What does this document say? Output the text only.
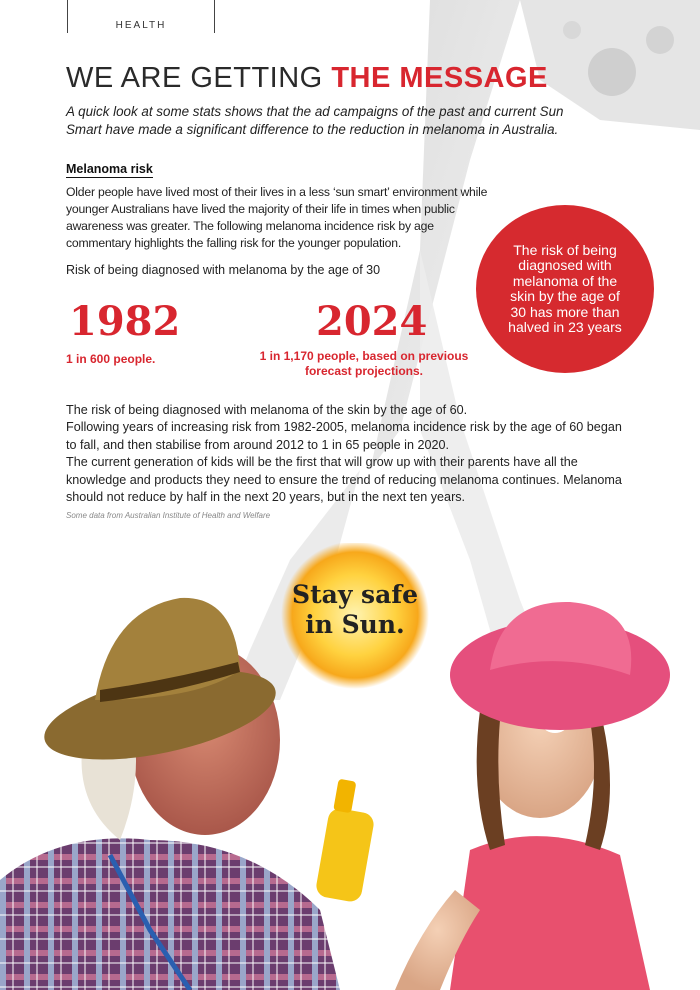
HEALTH
WE ARE GETTING THE MESSAGE
A quick look at some stats shows that the ad campaigns of the past and current Sun Smart have made a significant difference to the reduction in melanoma in Australia.
Melanoma risk
Older people have lived most of their lives in a less ‘sun smart’ environment while younger Australians have lived the majority of their life in times when public awareness was greater. The following melanoma incidence risk by age commentary highlights the falling risk for the younger population.
Risk of being diagnosed with melanoma by the age of 30
1982	2024
1 in 600 people.	1 in 1,170 people, based on previous forecast projections.
The risk of being diagnosed with melanoma of the skin by the age of 30 has more than halved in 23 years
The risk of being diagnosed with melanoma of the skin by the age of 60.
Following years of increasing risk from 1982-2005, melanoma incidence risk by the age of 60 began to fall, and then stabilise from around 2012 to 1 in 65 people in 2020.
The current generation of kids will be the first that will grow up with their parents have all the knowledge and products they need to ensure the trend of reducing melanoma continues. Melanoma should not reduce by half in the next 20 years, but in the next ten years.
Some data from Australian Institute of Health and Welfare
Stay safe
in Sun.
